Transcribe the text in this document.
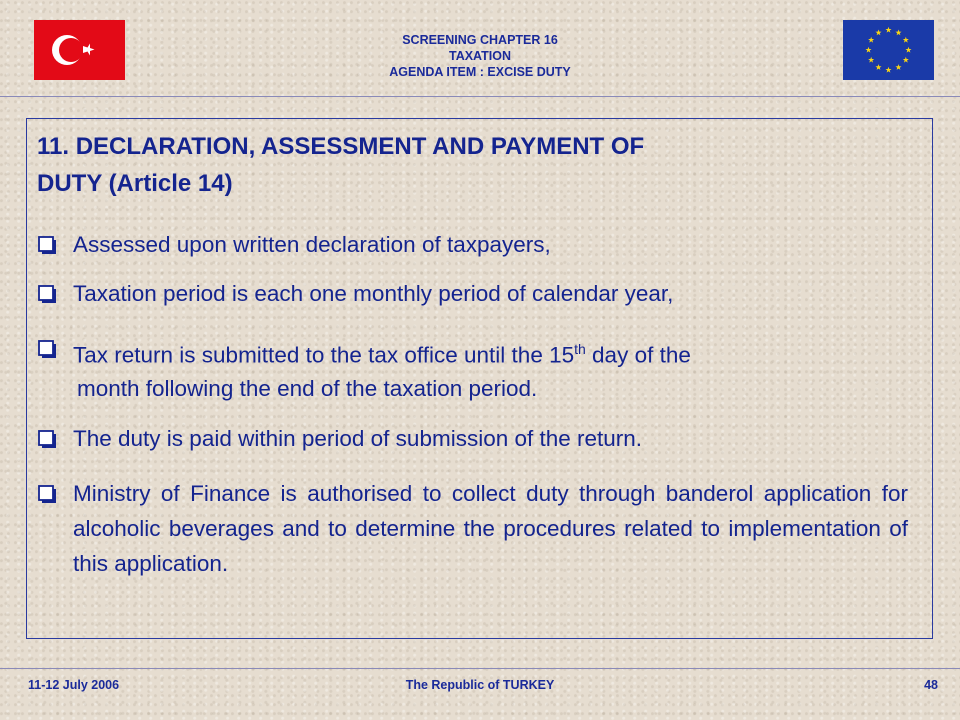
SCREENING CHAPTER 16
TAXATION
AGENDA ITEM : EXCISE DUTY
11. DECLARATION, ASSESSMENT AND PAYMENT OF
DUTY (Article 14)
Assessed upon written declaration of taxpayers,
Taxation period is each one monthly period of calendar year,
Tax return is submitted to the tax office until the 15th day of the
month following the end of the taxation period.
The duty is paid within period of submission of the return.
Ministry of Finance is authorised to collect duty through banderol application for alcoholic beverages and to determine the procedures related to implementation of this application.
11-12 July 2006	The Republic of TURKEY	48
